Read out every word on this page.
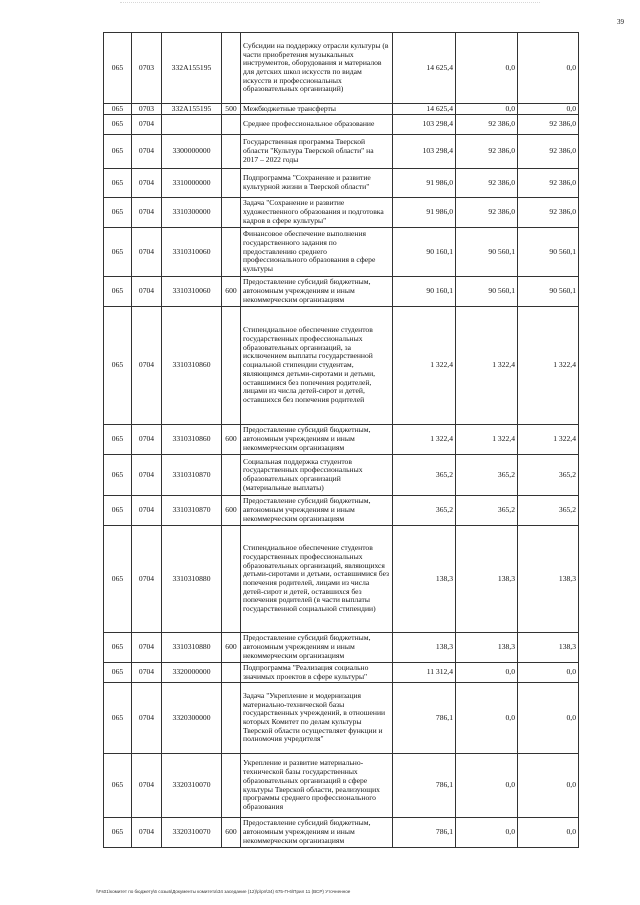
39
065	0703	332A155195		Субсидии на поддержку отрасли культуры (в части приобретения музыкальных инструментов, оборудования и материалов для детских школ искусств по видам искусств и профессиональных образовательных организаций)	14 625,4	0,0	0,0
065	0703	332A155195	500	Межбюджетные трансферты	14 625,4	0,0	0,0
065	0704			Среднее профессиональное образование	103 298,4	92 386,0	92 386,0
065	0704	3300000000		Государственная программа Тверской области "Культура Тверской области" на 2017 – 2022 годы	103 298,4	92 386,0	92 386,0
065	0704	3310000000		Подпрограмма "Сохранение и развитие культурной жизни в Тверской области"	91 986,0	92 386,0	92 386,0
065	0704	3310300000		Задача "Сохранение и развитие художественного образования и подготовка кадров в сфере культуры"	91 986,0	92 386,0	92 386,0
065	0704	3310310060		Финансовое обеспечение выполнения государственного задания по предоставлению среднего профессионального образования в сфере культуры	90 160,1	90 560,1	90 560,1
065	0704	3310310060	600	Предоставление субсидий бюджетным, автономным учреждениям и иным некоммерческим организациям	90 160,1	90 560,1	90 560,1
065	0704	3310310860		Стипендиальное обеспечение студентов государственных профессиональных образовательных организаций, за исключением выплаты государственной социальной стипендии студентам, являющимся детьми-сиротами и детьми, оставшимися без попечения родителей, лицами из числа детей-сирот и детей, оставшихся без попечения родителей	1 322,4	1 322,4	1 322,4
065	0704	3310310860	600	Предоставление субсидий бюджетным, автономным учреждениям и иным некоммерческим организациям	1 322,4	1 322,4	1 322,4
065	0704	3310310870		Социальная поддержка студентов государственных профессиональных образовательных организаций (материальные выплаты)	365,2	365,2	365,2
065	0704	3310310870	600	Предоставление субсидий бюджетным, автономным учреждениям и иным некоммерческим организациям	365,2	365,2	365,2
065	0704	3310310880		Стипендиальное обеспечение студентов государственных профессиональных образовательных организаций, являющихся детьми-сиротами и детьми, оставшимися без попечения родителей, лицами из числа детей-сирот и детей, оставшихся без попечения родителей (в части выплаты государственной социальной стипендии)	138,3	138,3	138,3
065	0704	3310310880	600	Предоставление субсидий бюджетным, автономным учреждениям и иным некоммерческим организациям	138,3	138,3	138,3
065	0704	3320000000		Подпрограмма "Реализация социально значимых проектов в сфере культуры"	11 312,4	0,0	0,0
065	0704	3320300000		Задача "Укрепление и модернизация материально-технической базы государственных учреждений, в отношении которых Комитет по делам культуры Тверской области осуществляет функции и полномочия учредителя"	786,1	0,0	0,0
065	0704	3320310070		Укрепление и развитие материально-технической базы государственных образовательных организаций в сфере культуры Тверской области, реализующих программы среднего профессионального образования	786,1	0,0	0,0
065	0704	3320310070	600	Предоставление субсидий бюджетным, автономным учреждениям и иным некоммерческим организациям	786,1	0,0	0,0
\\Fs01\комитет по бюджету\6 созыв\Документы комитета\34 заседание (12)\р\рп\34) 675-П-6\Прил 11 (ВСР) Уточненное
